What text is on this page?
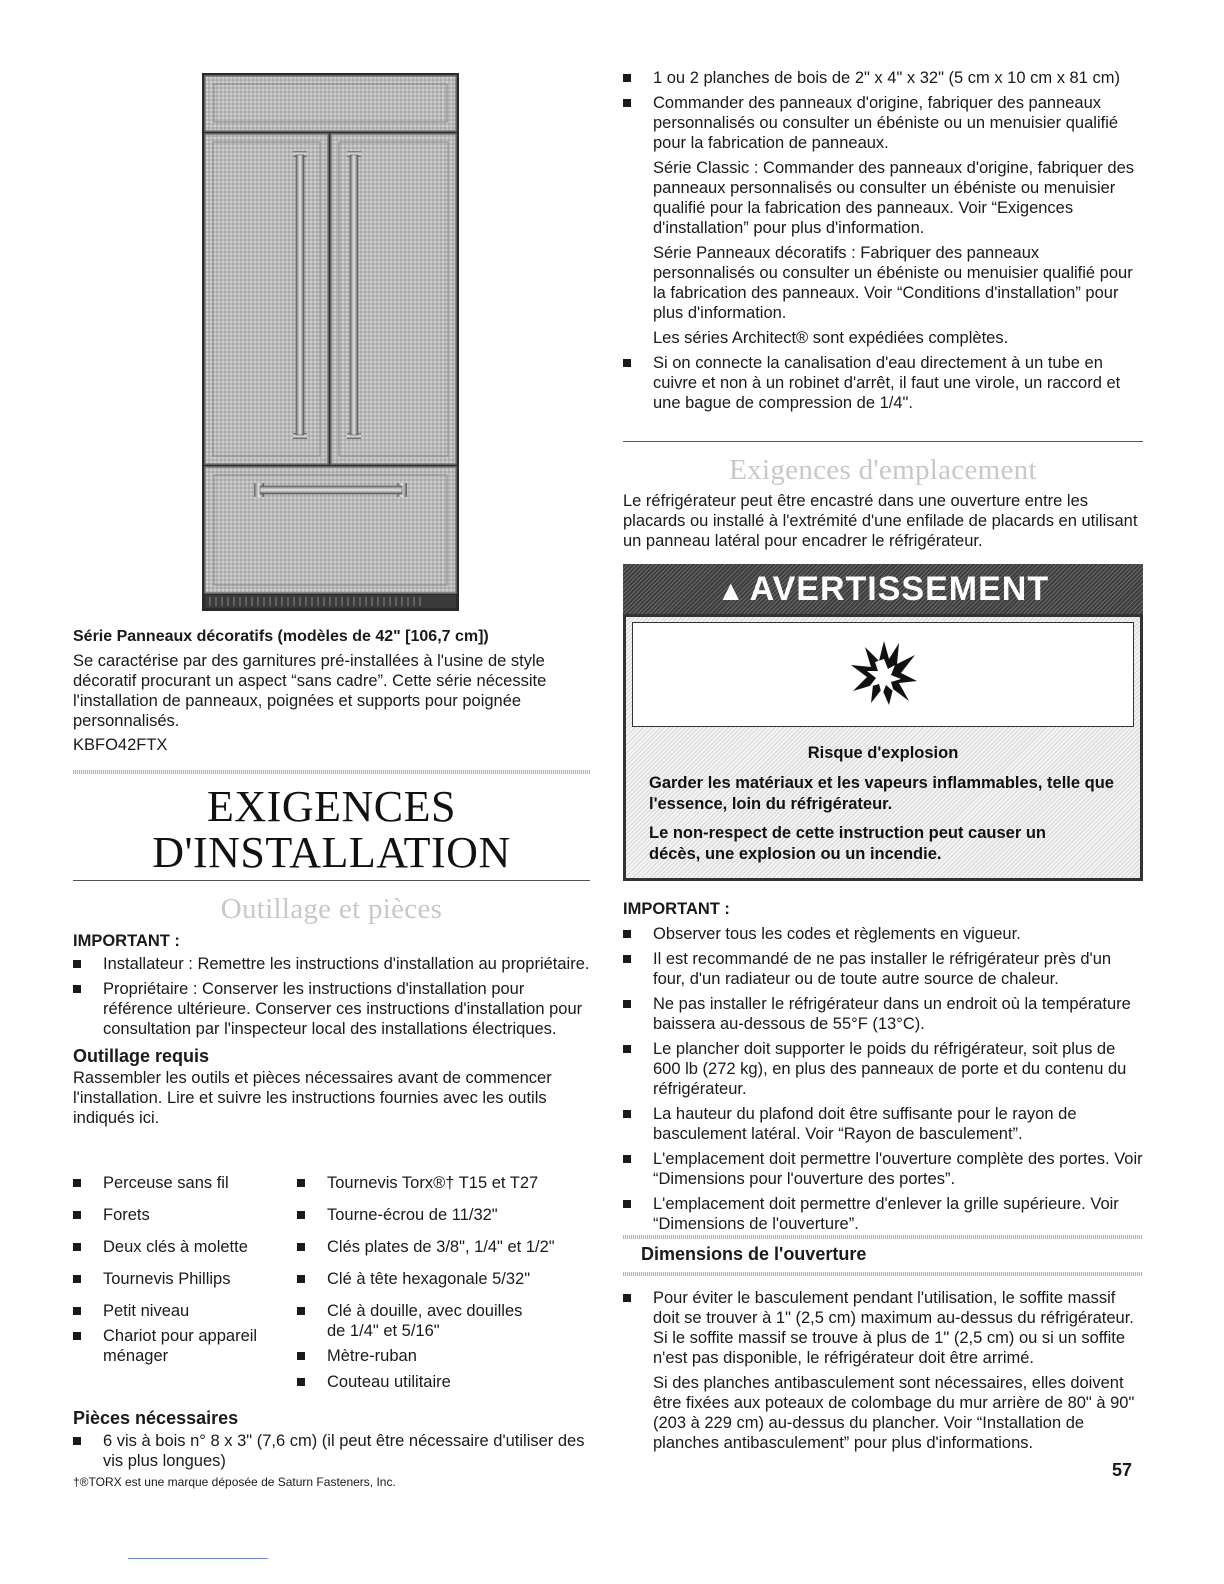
Série Panneaux décoratifs (modèles de 42" [106,7 cm])

Se caractérise par des garnitures pré-installées à l'usine de style décoratif procurant un aspect “sans cadre”. Cette série nécessite l'installation de panneaux, poignées et supports pour poignée personnalisés.

KBFO42FTX

EXIGENCES
D'INSTALLATION
Outillage et pièces

IMPORTANT :

Installateur : Remettre les instructions d'installation au propriétaire.
Propriétaire : Conserver les instructions d'installation pour référence ultérieure. Conserver ces instructions d'installation pour consultation par l'inspecteur local des installations électriques.

Outillage requis

Rassembler les outils et pièces nécessaires avant de commencer l'installation. Lire et suivre les instructions fournies avec les outils indiqués ici.

Perceuse sans fil
Forets
Deux clés à molette
Tournevis Phillips
Petit niveau
Chariot pour appareil
ménager
Tournevis Torx®† T15 et T27
Tourne-écrou de 11/32"
Clés plates de 3/8", 1/4" et 1/2"
Clé à tête hexagonale 5/32"
Clé à douille, avec douilles
de 1/4" et 5/16"
Mètre-ruban
Couteau utilitaire

Pièces nécessaires

6 vis à bois n° 8 x 3" (7,6 cm) (il peut être nécessaire d'utiliser des vis plus longues)

†®TORX est une marque déposée de Saturn Fasteners, Inc.

1 ou 2 planches de bois de 2" x 4" x 32" (5 cm x 10 cm x 81 cm)
Commander des panneaux d'origine, fabriquer des panneaux personnalisés ou consulter un ébéniste ou un menuisier qualifié pour la fabrication de panneaux.
Série Classic : Commander des panneaux d'origine, fabriquer des panneaux personnalisés ou consulter un ébéniste ou menuisier qualifié pour la fabrication des panneaux. Voir “Exigences d'installation” pour plus d'information.
Série Panneaux décoratifs : Fabriquer des panneaux personnalisés ou consulter un ébéniste ou menuisier qualifié pour la fabrication des panneaux. Voir “Conditions d'installation” pour plus d'information.
Les séries Architect® sont expédiées complètes.
Si on connecte la canalisation d'eau directement à un tube en cuivre et non à un robinet d'arrêt, il faut une virole, un raccord et une bague de compression de 1/4".
Exigences d'emplacement

Le réfrigérateur peut être encastré dans une ouverture entre les placards ou installé à l'extrémité d'une enfilade de placards en utilisant un panneau latéral pour encadrer le réfrigérateur.

▲ AVERTISSEMENT
Risque d'explosion
Garder les matériaux et les vapeurs inflammables, telle que l'essence, loin du réfrigérateur.
Le non-respect de cette instruction peut causer un décès, une explosion ou un incendie.

IMPORTANT :

Observer tous les codes et règlements en vigueur.
Il est recommandé de ne pas installer le réfrigérateur près d'un four, d'un radiateur ou de toute autre source de chaleur.
Ne pas installer le réfrigérateur dans un endroit où la température baissera au-dessous de 55°F (13°C).
Le plancher doit supporter le poids du réfrigérateur, soit plus de 600 lb (272 kg), en plus des panneaux de porte et du contenu du réfrigérateur.
La hauteur du plafond doit être suffisante pour le rayon de basculement latéral. Voir “Rayon de basculement”.
L'emplacement doit permettre l'ouverture complète des portes. Voir “Dimensions pour l'ouverture des portes”.
L'emplacement doit permettre d'enlever la grille supérieure. Voir “Dimensions de l'ouverture”.

Dimensions de l'ouverture

Pour éviter le basculement pendant l'utilisation, le soffite massif doit se trouver à 1" (2,5 cm) maximum au-dessus du réfrigérateur. Si le soffite massif se trouve à plus de 1" (2,5 cm) ou si un soffite n'est pas disponible, le réfrigérateur doit être arrimé.
Si des planches antibasculement sont nécessaires, elles doivent être fixées aux poteaux de colombage du mur arrière de 80" à 90" (203 à 229 cm) au-dessus du plancher. Voir “Installation de planches antibasculement” pour plus d'informations.
57
